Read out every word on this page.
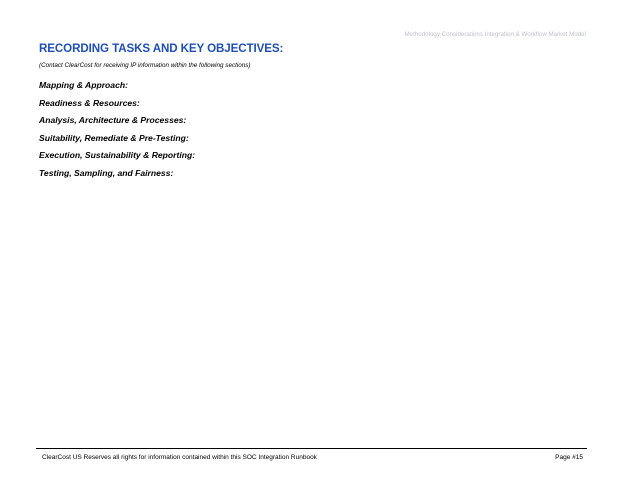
Methodology Considerations Integration & Workflow Market Model
RECORDING TASKS AND KEY OBJECTIVES:
(Contact ClearCost for receiving IP information within the following sections)
Mapping & Approach:
Readiness & Resources:
Analysis, Architecture & Processes:
Suitability, Remediate & Pre-Testing:
Execution, Sustainability & Reporting:
Testing, Sampling, and Fairness:
ClearCost US Reserves all rights for information contained within this SOC Integration Runbook	Page #15
